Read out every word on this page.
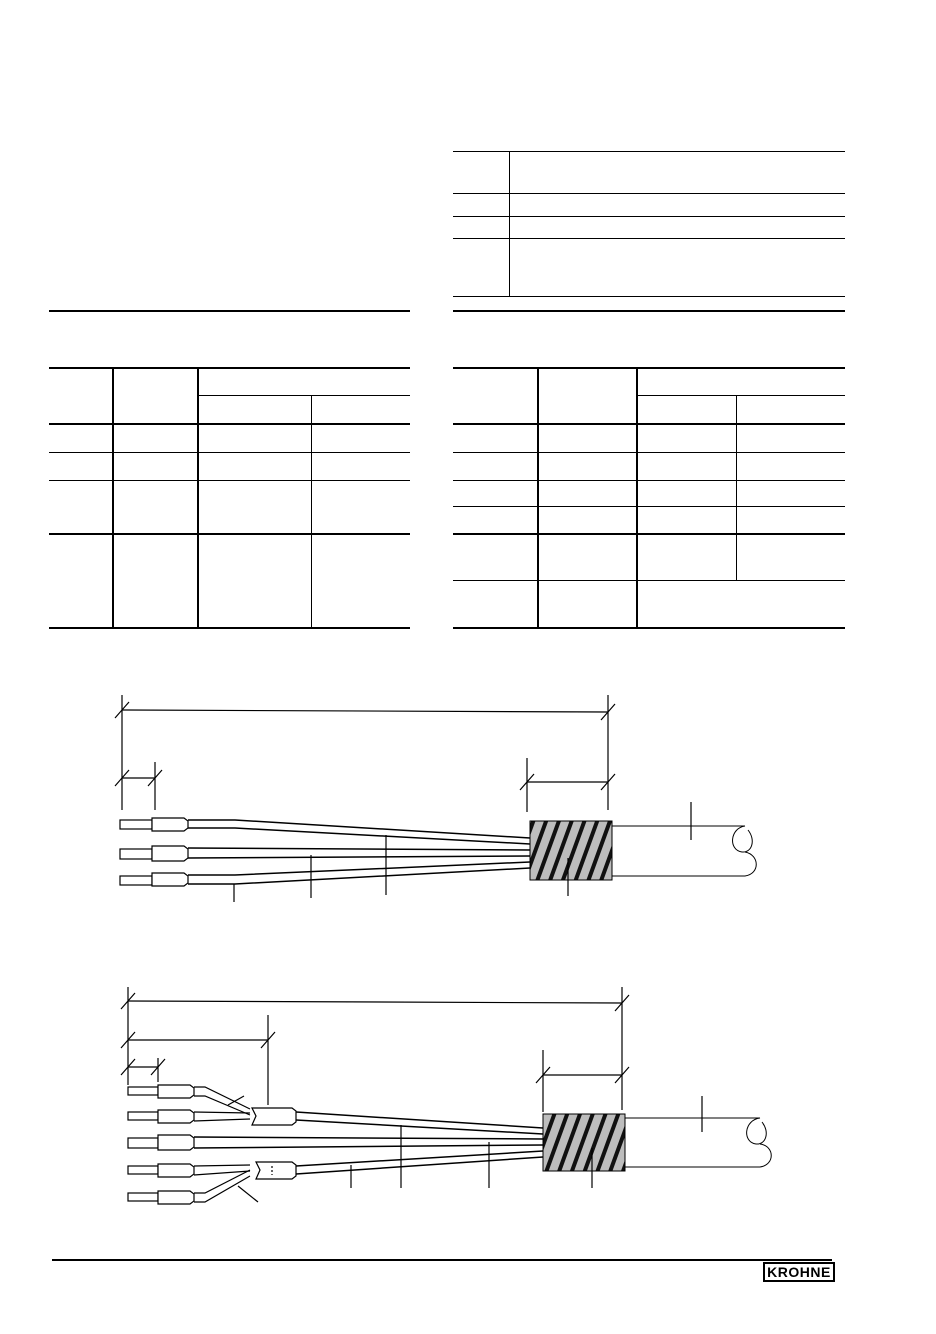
KROHNE
